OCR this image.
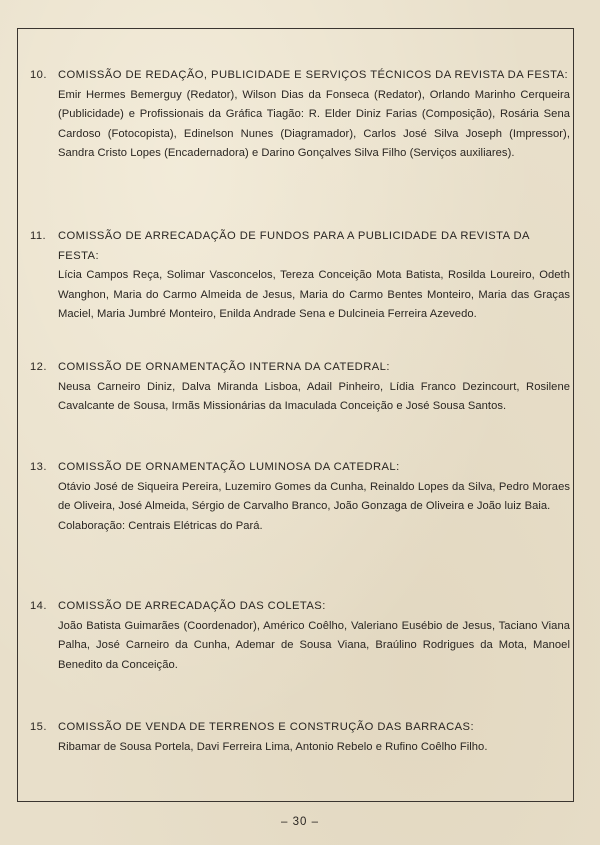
10. COMISSÃO DE REDAÇÃO, PUBLICIDADE E SERVIÇOS TÉCNICOS DA REVISTA DA FESTA:

Emir Hermes Bemerguy (Redator), Wilson Dias da Fonseca (Redator), Orlando Marinho Cerqueira (Publicidade) e Profissionais da Gráfica Tiagão: R. Elder Diniz Farias (Composição), Rosária Sena Cardoso (Fotocopista), Edinelson Nunes (Diagramador), Carlos José Silva Joseph (Impressor), Sandra Cristo Lopes (Encadernadora) e Darino Gonçalves Silva Filho (Serviços auxiliares).

11.	COMISSÃO DE ARRECADAÇÃO DE FUNDOS PARA A PUBLICIDADE DA REVISTA DA FESTA:

Lícia Campos Reça, Solimar Vasconcelos, Tereza Conceição Mota Batista, Rosilda Loureiro, Odeth Wanghon, Maria do Carmo Almeida de Jesus, Maria do Carmo Bentes Monteiro, Maria das Graças Maciel, Maria Jumbré Monteiro, Enilda Andrade Sena e Dulcineia Ferreira Azevedo.

12. COMISSÃO DE ORNAMENTAÇÃO INTERNA DA CATEDRAL:

Neusa Carneiro Diniz, Dalva Miranda Lisboa, Adail Pinheiro, Lídia Franco Dezincourt, Rosilene Cavalcante de Sousa, Irmãs Missionárias da Imaculada Conceição e José Sousa Santos.

13. COMISSÃO DE ORNAMENTAÇÃO LUMINOSA DA CATEDRAL:

Otávio José de Siqueira Pereira, Luzemiro Gomes da Cunha, Reinaldo Lopes da Silva, Pedro Moraes de Oliveira, José Almeida, Sérgio de Carvalho Branco, João Gonzaga de Oliveira e João luiz Baia.

Colaboração: Centrais Elétricas do Pará.

14. COMISSÃO DE ARRECADAÇÃO DAS COLETAS:

João Batista Guimarães (Coordenador), Américo Coêlho, Valeriano Eusébio de Jesus, Taciano Viana Palha, José Carneiro da Cunha, Ademar de Sousa Viana, Braúlino Rodrigues da Mota, Manoel Benedito da Conceição.

15. COMISSÃO DE VENDA DE TERRENOS E CONSTRUÇÃO DAS BARRACAS:

Ribamar de Sousa Portela, Davi Ferreira Lima, Antonio Rebelo e Rufino Coêlho Filho.

– 30 –
